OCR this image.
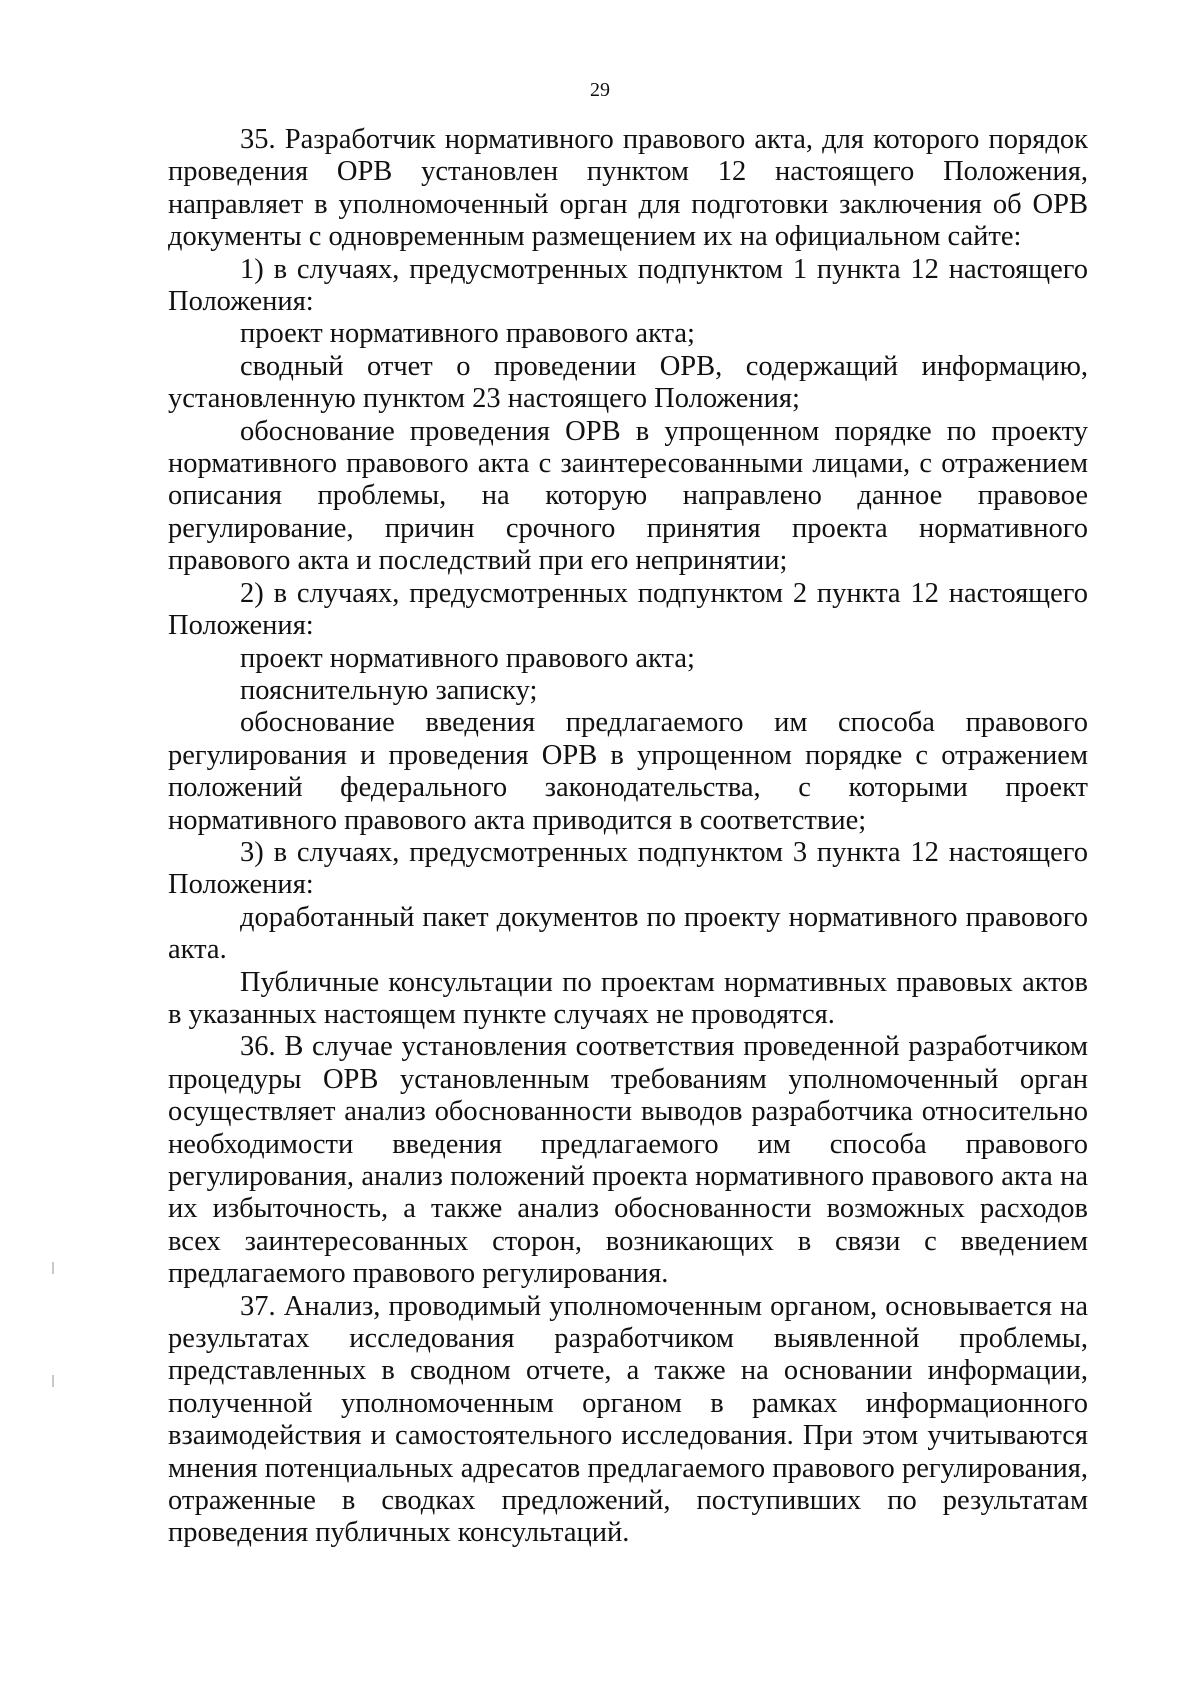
29

35. Разработчик нормативного правового акта, для которого порядок проведения ОРВ установлен пунктом 12 настоящего Положения, направляет в уполномоченный орган для подготовки заключения об ОРВ документы с одновременным размещением их на официальном сайте:

1) в случаях, предусмотренных подпунктом 1 пункта 12 настоящего Положения:

проект нормативного правового акта;

сводный отчет о проведении ОРВ, содержащий информацию, установленную пунктом 23 настоящего Положения;

обоснование проведения ОРВ в упрощенном порядке по проекту нормативного правового акта с заинтересованными лицами, с отражением описания проблемы, на которую направлено данное правовое регулирование, причин срочного принятия проекта нормативного правового акта и последствий при его непринятии;

2) в случаях, предусмотренных подпунктом 2 пункта 12 настоящего Положения:

проект нормативного правового акта;

пояснительную записку;

обоснование введения предлагаемого им способа правового регулирования и проведения ОРВ в упрощенном порядке с отражением положений федерального законодательства, с которыми проект нормативного правового акта приводится в соответствие;

3) в случаях, предусмотренных подпунктом 3 пункта 12 настоящего Положения:

доработанный пакет документов по проекту нормативного правового акта.

Публичные консультации по проектам нормативных правовых актов в указанных настоящем пункте случаях не проводятся.

36. В случае установления соответствия проведенной разработчиком процедуры ОРВ установленным требованиям уполномоченный орган осуществляет анализ обоснованности выводов разработчика относительно необходимости введения предлагаемого им способа правового регулирования, анализ положений проекта нормативного правового акта на их избыточность, а также анализ обоснованности возможных расходов всех заинтересованных сторон, возникающих в связи с введением предлагаемого правового регулирования.

37. Анализ, проводимый уполномоченным органом, основывается на результатах исследования разработчиком выявленной проблемы, представленных в сводном отчете, а также на основании информации, полученной уполномоченным органом в рамках информационного взаимодействия и самостоятельного исследования. При этом учитываются мнения потенциальных адресатов предлагаемого правового регулирования, отраженные в сводках предложений, поступивших по результатам проведения публичных консультаций.
